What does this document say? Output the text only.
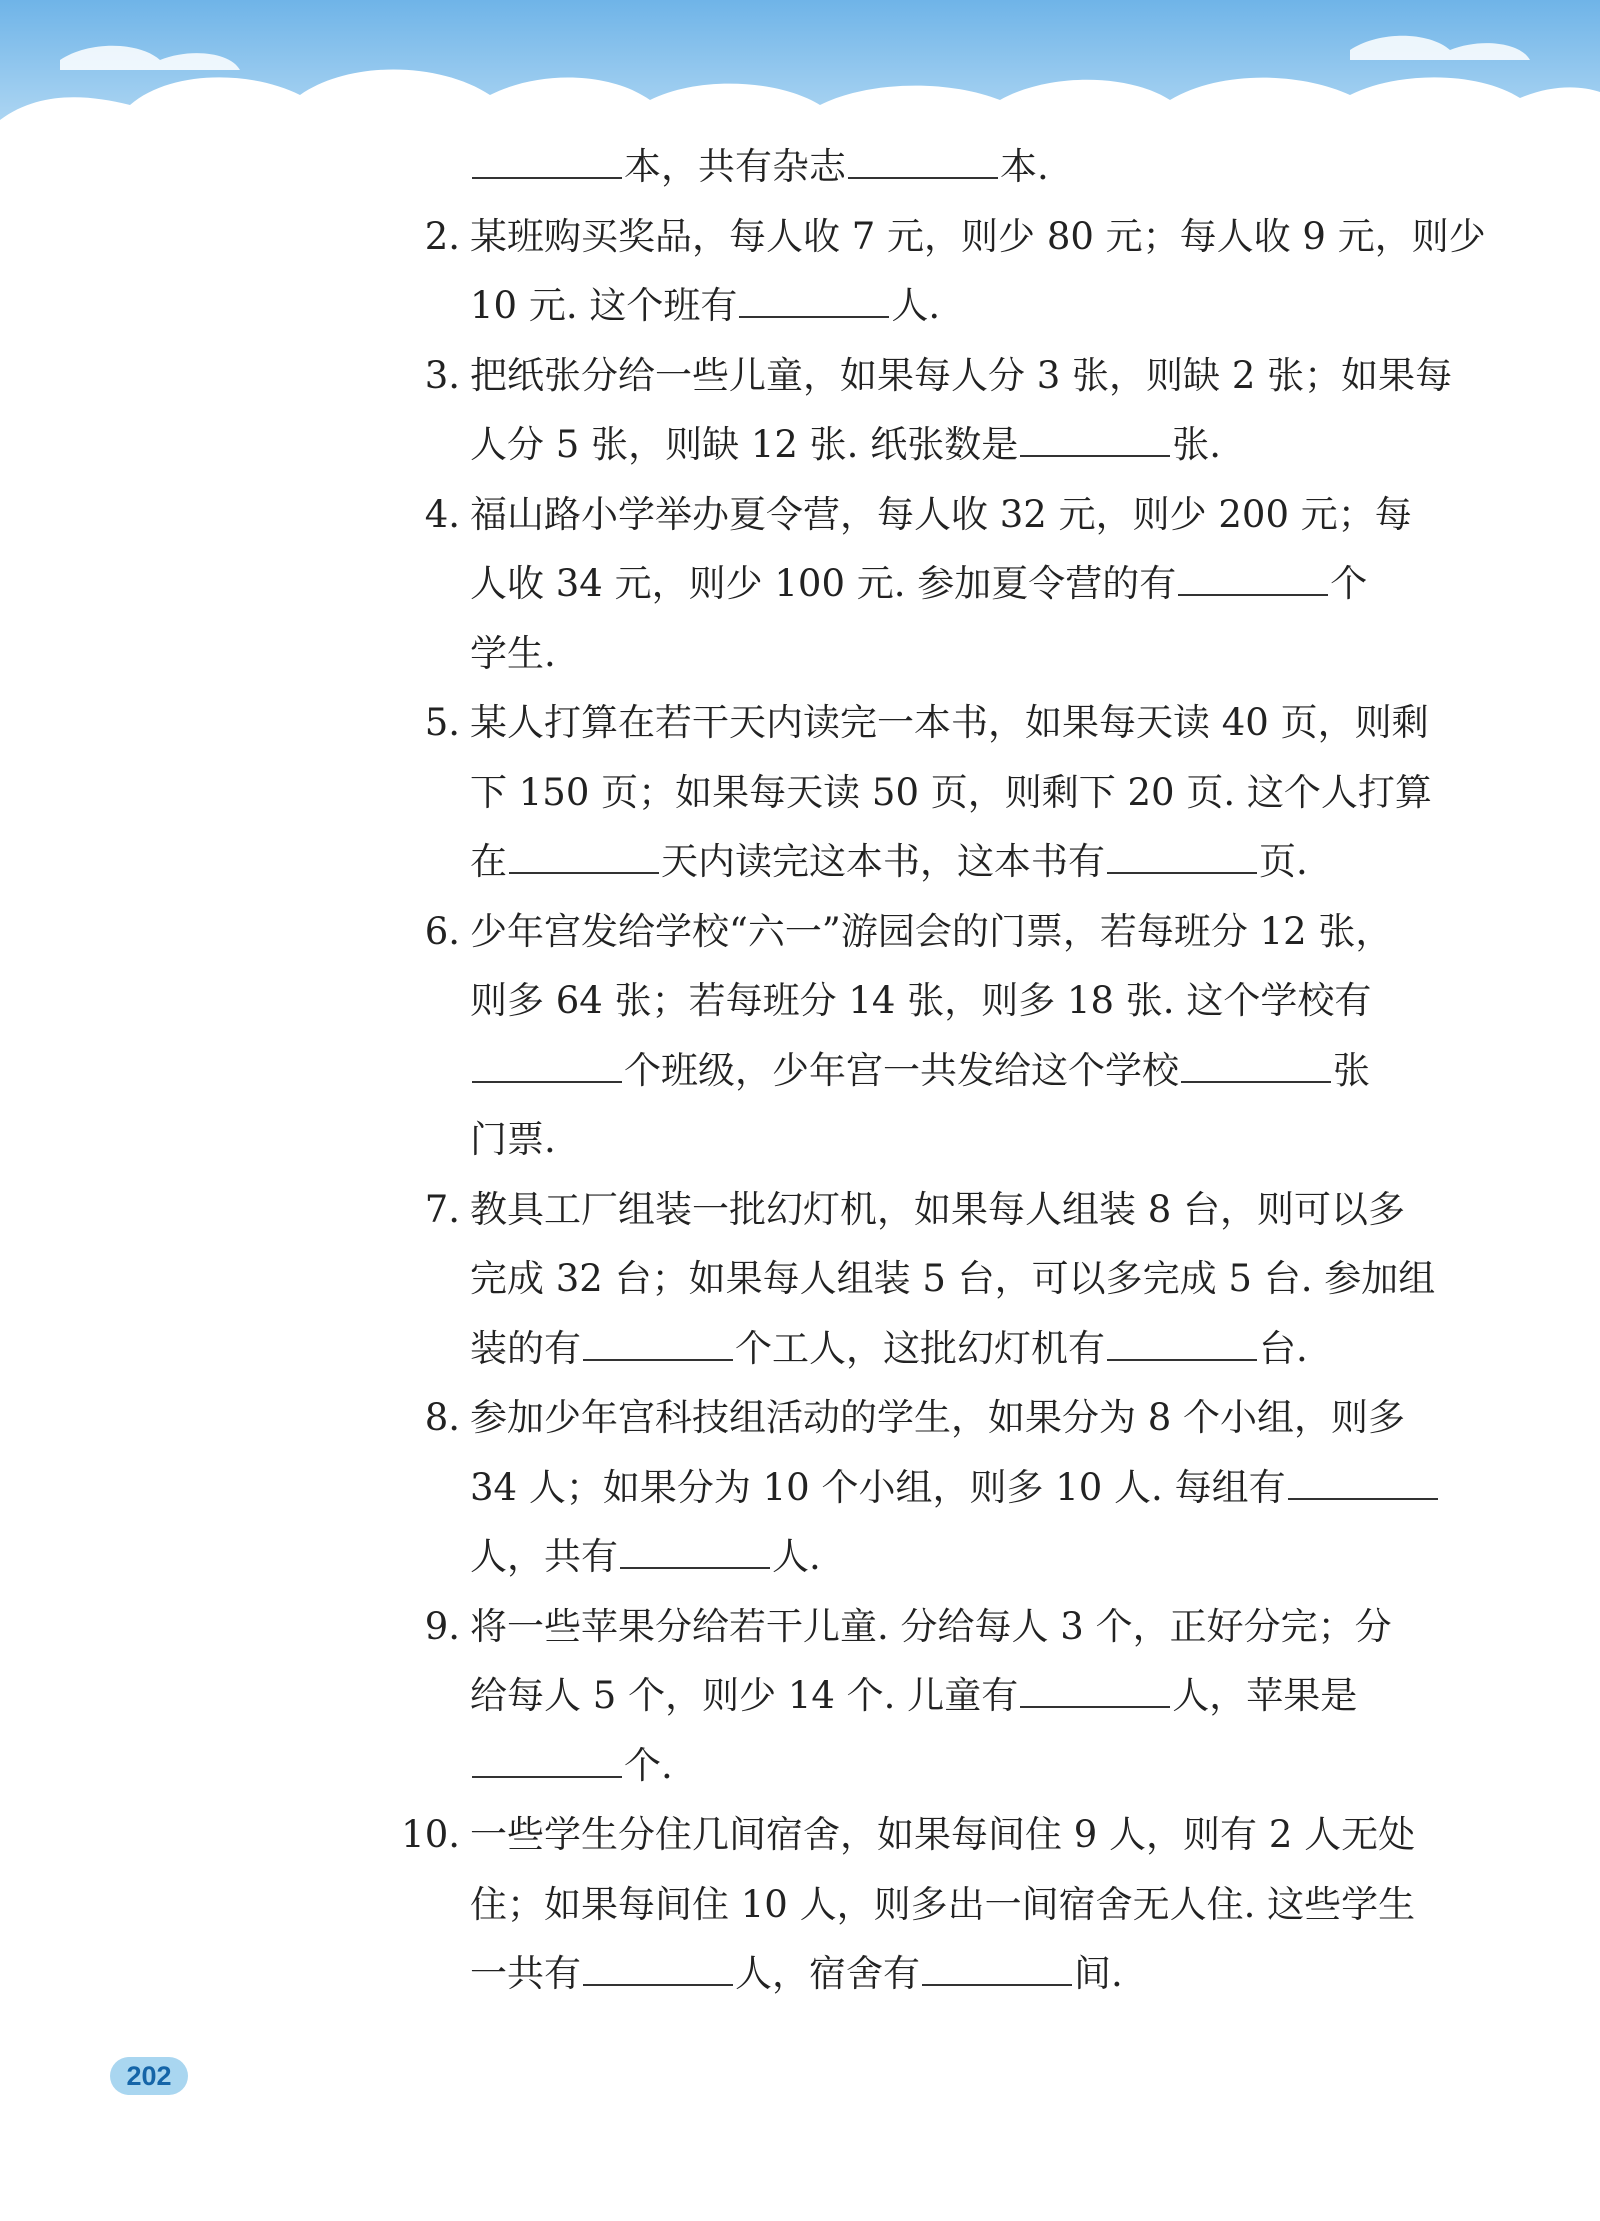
本，共有杂志	本.
2. 某班购买奖品，每人收 7 元，则少 80 元；每人收 9 元，则少
10 元. 这个班有	人.
3. 把纸张分给一些儿童，如果每人分 3 张，则缺 2 张；如果每
人分 5 张，则缺 12 张. 纸张数是	张.
4. 福山路小学举办夏令营，每人收 32 元，则少 200 元；每
人收 34 元，则少 100 元. 参加夏令营的有	个
学生.
5. 某人打算在若干天内读完一本书，如果每天读 40 页，则剩
下 150 页；如果每天读 50 页，则剩下 20 页. 这个人打算
在	天内读完这本书，这本书有	页.
6. 少年宫发给学校“六一”游园会的门票，若每班分 12 张，
则多 64 张；若每班分 14 张，则多 18 张. 这个学校有
个班级，少年宫一共发给这个学校	张
门票.
7. 教具工厂组装一批幻灯机，如果每人组装 8 台，则可以多
完成 32 台；如果每人组装 5 台，可以多完成 5 台. 参加组
装的有	个工人，这批幻灯机有	台.
8. 参加少年宫科技组活动的学生，如果分为 8 个小组，则多
34 人；如果分为 10 个小组，则多 10 人. 每组有
人，共有	人.
9. 将一些苹果分给若干儿童. 分给每人 3 个，正好分完；分
给每人 5 个，则少 14 个. 儿童有	人，苹果是
个.
10. 一些学生分住几间宿舍，如果每间住 9 人，则有 2 人无处
住；如果每间住 10 人，则多出一间宿舍无人住. 这些学生
一共有	人，宿舍有	间.
202
